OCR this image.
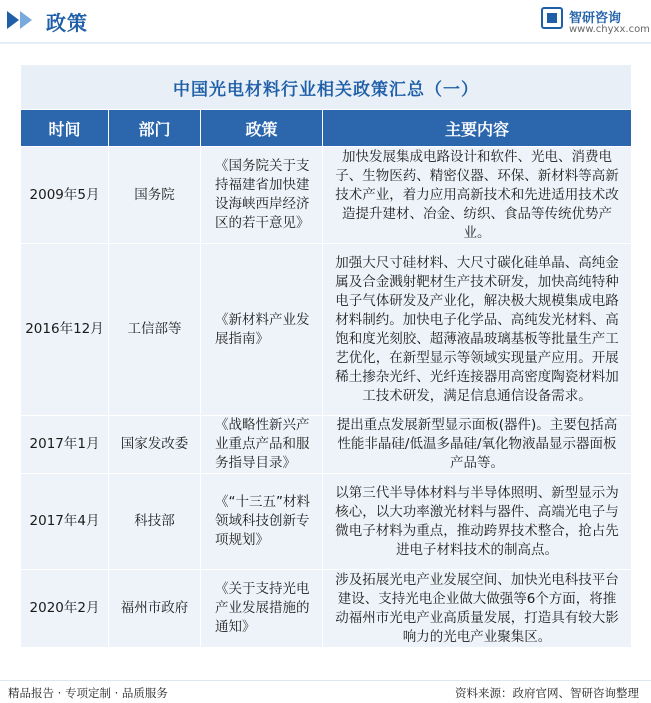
政策	智研咨询
www.chyxx.com
中国光电材料行业相关政策汇总（一）			
时间	部门	政策	主要内容
2009年5月	国务院	《国务院关于支持福建省加快建设海峡西岸经济区的若干意见》	加快发展集成电路设计和软件、光电、消费电子、生物医药、精密仪器、环保、新材料等高新技术产业，着力应用高新技术和先进适用技术改造提升建材、冶金、纺织、食品等传统优势产业。
2016年12月	工信部等	《新材料产业发展指南》	加强大尺寸硅材料、大尺寸碳化硅单晶、高纯金属及合金溅射靶材生产技术研发，加快高纯特种电子气体研发及产业化，解决极大规模集成电路材料制约。加快电子化学品、高纯发光材料、高饱和度光刻胶、超薄液晶玻璃基板等批量生产工艺优化，在新型显示等领域实现量产应用。开展稀土掺杂光纤、光纤连接器用高密度陶瓷材料加工技术研发，满足信息通信设备需求。
2017年1月	国家发改委	《战略性新兴产业重点产品和服务指导目录》	提出重点发展新型显示面板(器件)。主要包括高性能非晶硅/低温多晶硅/氧化物液晶显示器面板产品等。
2017年4月	科技部	《“十三五”材料领域科技创新专项规划》	以第三代半导体材料与半导体照明、新型显示为核心，以大功率激光材料与器件、高端光电子与微电子材料为重点，推动跨界技术整合，抢占先进电子材料技术的制高点。
2020年2月	福州市政府	《关于支持光电产业发展措施的通知》	涉及拓展光电产业发展空间、加快光电科技平台建设、支持光电企业做大做强等6个方面，将推动福州市光电产业高质量发展，打造具有较大影响力的光电产业聚集区。
精品报告 · 专项定制 · 品质服务	资料来源：政府官网、智研咨询整理
